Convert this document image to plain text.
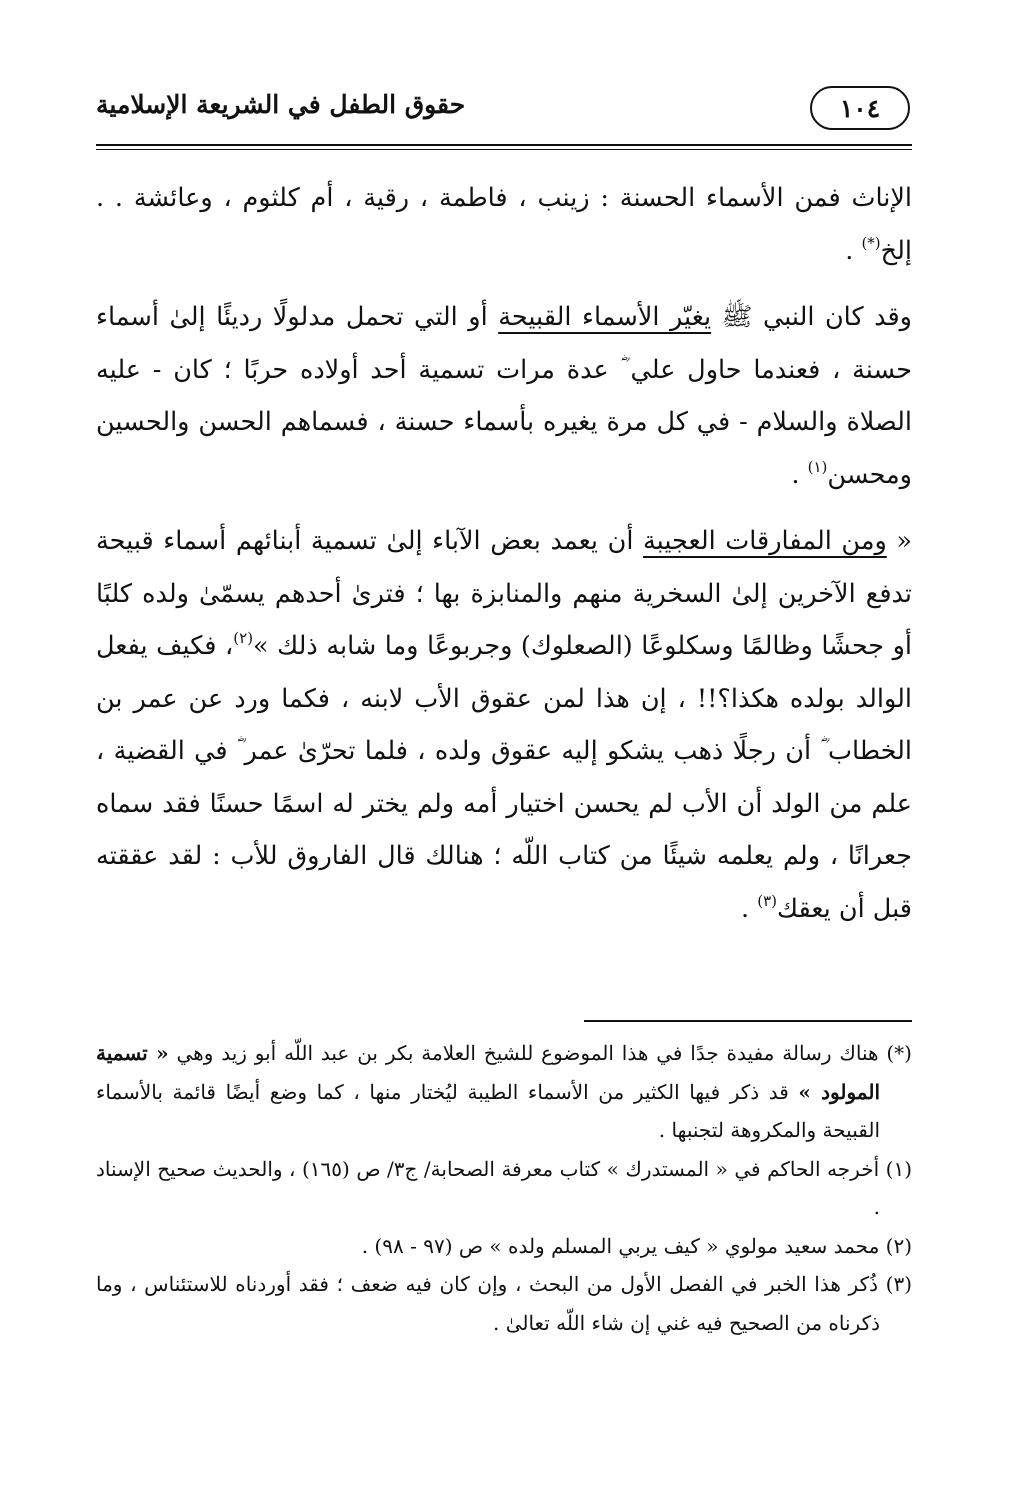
١٠٤
حقوق الطفل في الشريعة الإسلامية

الإناث فمن الأسماء الحسنة : زينب ، فاطمة ، رقية ، أم كلثوم ، وعائشة . . إلخ(*) .

وقد كان النبي ﷺ يغيّر الأسماء القبيحة أو التي تحمل مدلولًا رديئًا إلىٰ أسماء حسنة ، فعندما حاول علي ؓ عدة مرات تسمية أحد أولاده حربًا ؛ كان - عليه الصلاة والسلام - في كل مرة يغيره بأسماء حسنة ، فسماهم الحسن والحسين ومحسن$^{(١)}$ .

« ومن المفارقات العجيبة أن يعمد بعض الآباء إلىٰ تسمية أبنائهم أسماء قبيحة تدفع الآخرين إلىٰ السخرية منهم والمنابزة بها ؛ فترىٰ أحدهم يسمّىٰ ولده كلبًا أو جحشًا وظالمًا وسكلوعًا (الصعلوك) وجربوعًا وما شابه ذلك »$^{(٢)}$، فكيف يفعل الوالد بولده هكذا؟!! ، إن هذا لمن عقوق الأب لابنه ، فكما ورد عن عمر بن الخطاب ؓ أن رجلًا ذهب يشكو إليه عقوق ولده ، فلما تحرّىٰ عمر ؓ في القضية ، علم من الولد أن الأب لم يحسن اختيار أمه ولم يختر له اسمًا حسنًا فقد سماه جعرانًا ، ولم يعلمه شيئًا من كتاب اللّه ؛ هنالك قال الفاروق للأب : لقد عققته قبل أن يعقك$^{(٣)}$ .

(*) هناك رسالة مفيدة جدًا في هذا الموضوع للشيخ العلامة بكر بن عبد اللّه أبو زيد وهي « تسمية المولود » قد ذكر فيها الكثير من الأسماء الطيبة ليُختار منها ، كما وضع أيضًا قائمة بالأسماء القبيحة والمكروهة لتجنبها .
(١) أخرجه الحاكم في « المستدرك » كتاب معرفة الصحابة/ ج٣/ ص (١٦٥) ، والحديث صحيح الإسناد .
(٢) محمد سعيد مولوي « كيف يربي المسلم ولده » ص (٩٧ - ٩٨) .
(٣) ذُكر هذا الخبر في الفصل الأول من البحث ، وإن كان فيه ضعف ؛ فقد أوردناه للاستئناس ، وما ذكرناه من الصحيح فيه غني إن شاء اللّه تعالىٰ .
